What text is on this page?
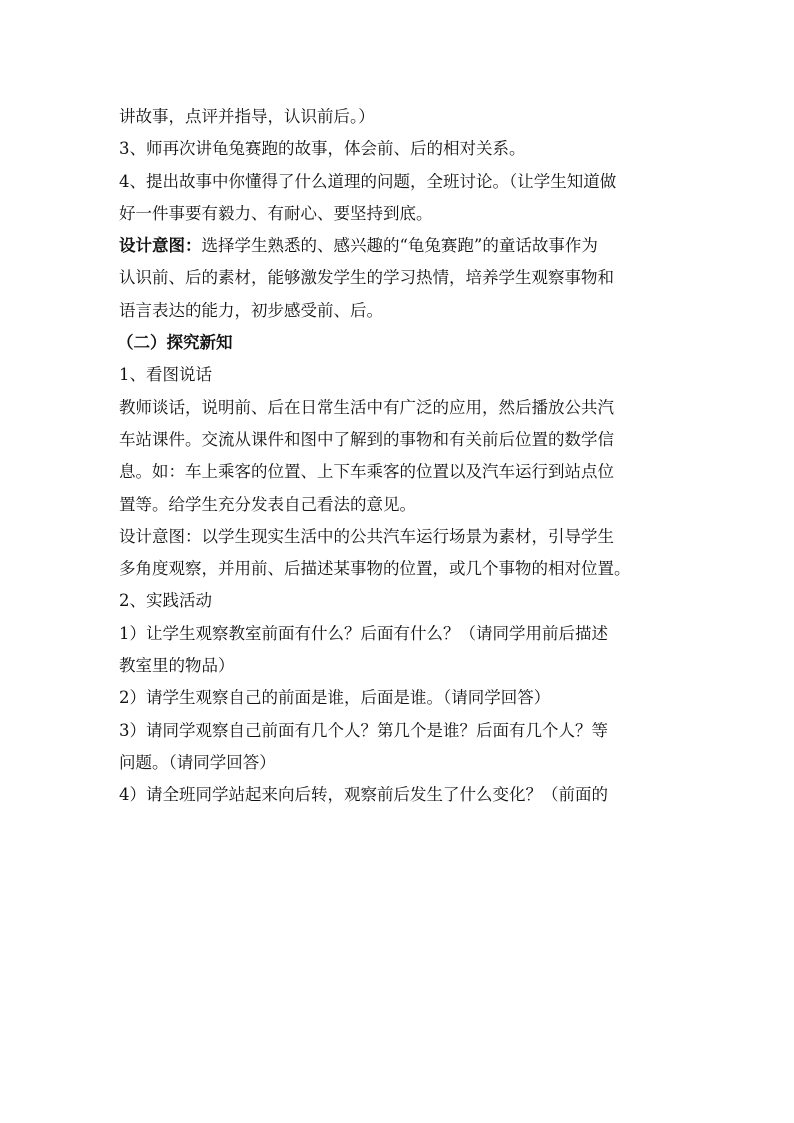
讲故事，点评并指导，认识前后。）
3、师再次讲龟兔赛跑的故事，体会前、后的相对关系。
4、提出故事中你懂得了什么道理的问题，全班讨论。（让学生知道做
好一件事要有毅力、有耐心、要坚持到底。
设计意图：选择学生熟悉的、感兴趣的“龟兔赛跑”的童话故事作为
认识前、后的素材，能够激发学生的学习热情，培养学生观察事物和
语言表达的能力，初步感受前、后。
（二）探究新知
1、看图说话
教师谈话，说明前、后在日常生活中有广泛的应用，然后播放公共汽
车站课件。交流从课件和图中了解到的事物和有关前后位置的数学信
息。如：车上乘客的位置、上下车乘客的位置以及汽车运行到站点位
置等。给学生充分发表自己看法的意见。
设计意图：以学生现实生活中的公共汽车运行场景为素材，引导学生
多角度观察，并用前、后描述某事物的位置，或几个事物的相对位置。
2、实践活动
1）让学生观察教室前面有什么？后面有什么？（请同学用前后描述
教室里的物品）
2）请学生观察自己的前面是谁，后面是谁。（请同学回答）
3）请同学观察自己前面有几个人？第几个是谁？后面有几个人？等
问题。（请同学回答）
4）请全班同学站起来向后转，观察前后发生了什么变化？（前面的
